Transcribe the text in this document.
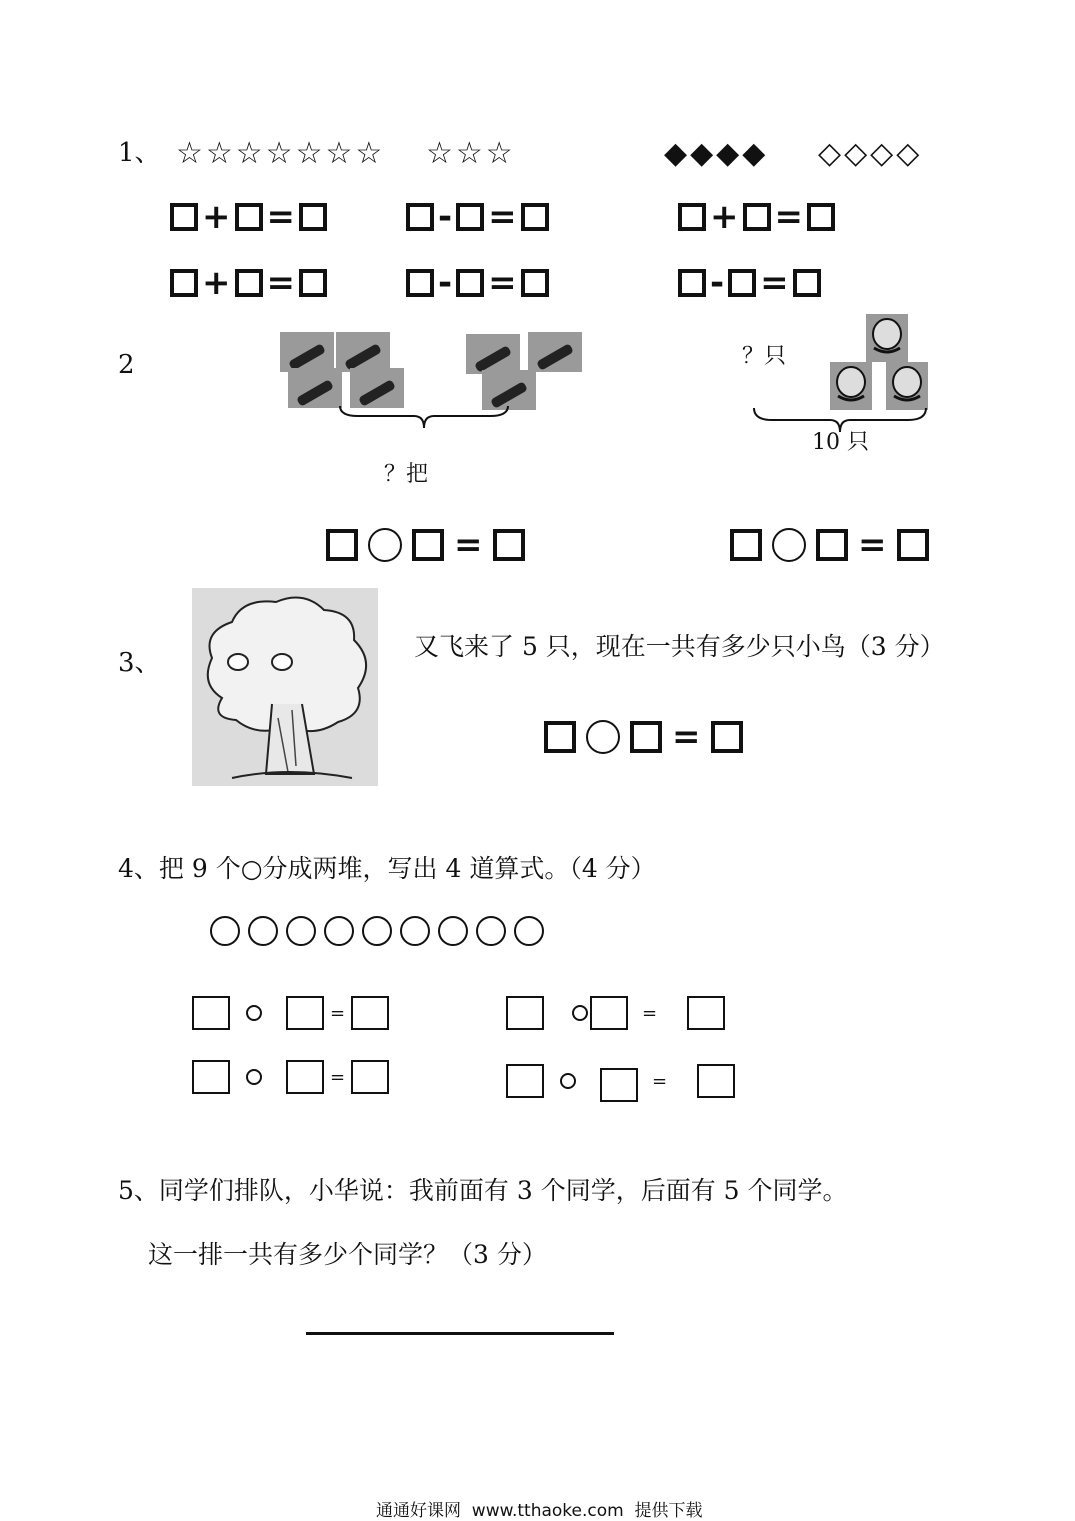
1、 ☆☆☆☆☆☆☆ ☆☆☆	◆◆◆◆ ◇◇◇◇
+ =	- =	+ =
+ =	- =	- =
2
？把
？只
10 只
=	=
3、
又飞来了 5 只，现在一共有多少只小鸟（3 分）
=
4、把 9 个○分成两堆，写出 4 道算式。（4 分）
=	=
=	=
5、同学们排队，小华说：我前面有 3 个同学，后面有 5 个同学。
这一排一共有多少个同学？（3 分）
通通好课网  www.tthaoke.com  提供下载
